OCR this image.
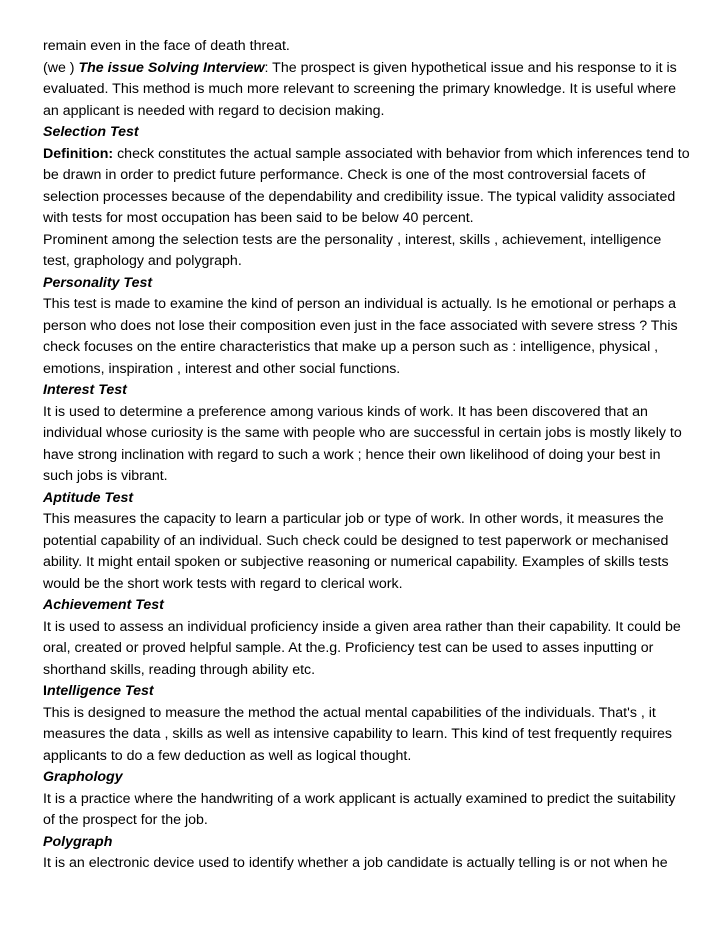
remain even in the face of death threat.

(we ) The issue Solving Interview: The prospect is given hypothetical issue and his response to it is evaluated. This method is much more relevant to screening the primary knowledge. It is useful where an applicant is needed with regard to decision making.

Selection Test

Definition: check constitutes the actual sample associated with behavior from which inferences tend to be drawn in order to predict future performance. Check is one of the most controversial facets of selection processes because of the dependability and credibility issue. The typical validity associated with tests for most occupation has been said to be below 40 percent.

Prominent among the selection tests are the personality , interest, skills , achievement, intelligence test, graphology and polygraph.

Personality Test

This test is made to examine the kind of person an individual is actually. Is he emotional or perhaps a person who does not lose their composition even just in the face associated with severe stress ? This check focuses on the entire characteristics that make up a person such as : intelligence, physical , emotions, inspiration , interest and other social functions.

Interest Test

It is used to determine a preference among various kinds of work. It has been discovered that an individual whose curiosity is the same with people who are successful in certain jobs is mostly likely to have strong inclination with regard to such a work ; hence their own likelihood of doing your best in such jobs is vibrant.

Aptitude Test

This measures the capacity to learn a particular job or type of work. In other words, it measures the potential capability of an individual. Such check could be designed to test paperwork or mechanised ability. It might entail spoken or subjective reasoning or numerical capability. Examples of skills tests would be the short work tests with regard to clerical work.

Achievement Test

It is used to assess an individual proficiency inside a given area rather than their capability. It could be oral, created or proved helpful sample. At the.g. Proficiency test can be used to asses inputting or shorthand skills, reading through ability etc.

Intelligence Test

This is designed to measure the method the actual mental capabilities of the individuals. That's , it measures the data , skills as well as intensive capability to learn. This kind of test frequently requires applicants to do a few deduction as well as logical thought.

Graphology

It is a practice where the handwriting of a work applicant is actually examined to predict the suitability of the prospect for the job.

Polygraph

It is an electronic device used to identify whether a job candidate is actually telling is or not when he
